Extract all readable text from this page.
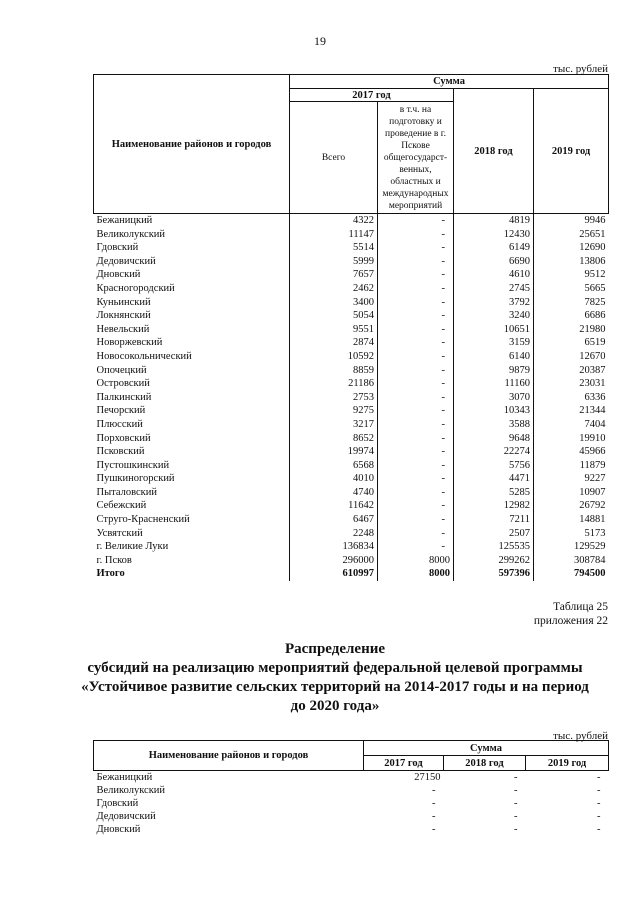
19
тыс. рублей
Наименование районов и городов	Сумма			
	2017 год		2018 год	2019 год
	Всего	в т.ч. на подготовку и проведение в г. Пскове общегосударст-венных, областных и международных мероприятий		
Бежаницкий	4322	-	4819	9946
Великолукский	11147	-	12430	25651
Гдовский	5514	-	6149	12690
Дедовичский	5999	-	6690	13806
Дновский	7657	-	4610	9512
Красногородский	2462	-	2745	5665
Куньинский	3400	-	3792	7825
Локнянский	5054	-	3240	6686
Невельский	9551	-	10651	21980
Новоржевский	2874	-	3159	6519
Новосокольнический	10592	-	6140	12670
Опочецкий	8859	-	9879	20387
Островский	21186	-	11160	23031
Палкинский	2753	-	3070	6336
Печорский	9275	-	10343	21344
Плюсский	3217	-	3588	7404
Порховский	8652	-	9648	19910
Псковский	19974	-	22274	45966
Пустошкинский	6568	-	5756	11879
Пушкиногорский	4010	-	4471	9227
Пыталовский	4740	-	5285	10907
Себежский	11642	-	12982	26792
Струго-Красненский	6467	-	7211	14881
Усвятский	2248	-	2507	5173
г. Великие Луки	136834	-	125535	129529
г. Псков	296000	8000	299262	308784
Итого	610997	8000	597396	794500
Таблица 25
приложения 22
Распределение
субсидий на реализацию мероприятий федеральной целевой программы
«Устойчивое развитие сельских территорий на 2014-2017 годы и на период
до 2020 года»
тыс. рублей
Наименование районов и городов	Сумма		
	2017 год	2018 год	2019 год
Бежаницкий	27150	-	-
Великолукский	-	-	-
Гдовский	-	-	-
Дедовичский	-	-	-
Дновский	-	-	-
